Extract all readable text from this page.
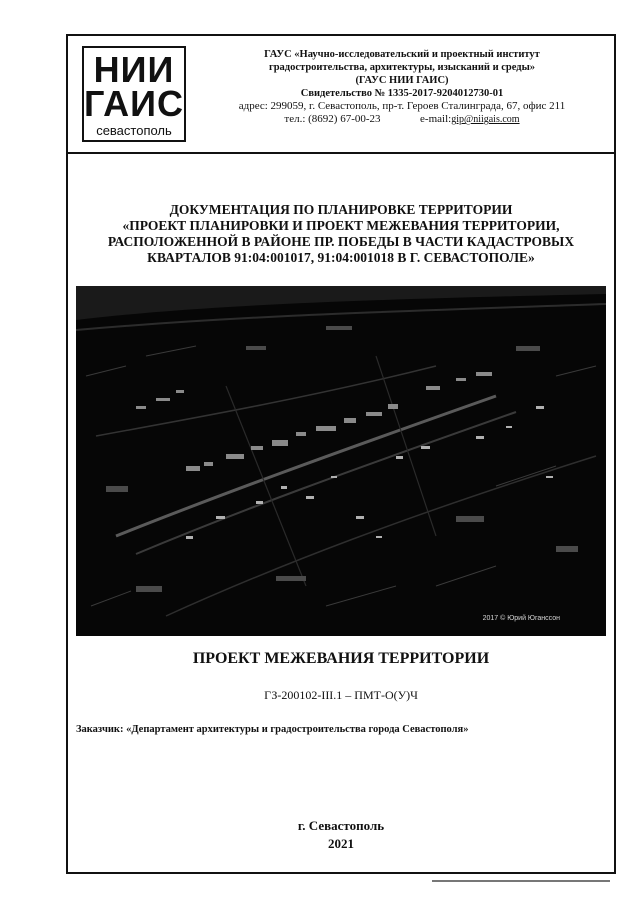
НИИ
ГАИС
севастополь
ГАУС «Научно-исследовательский и проектный институт
градостроительства, архитектуры, изысканий и среды»
(ГАУС НИИ ГАИС)
Свидетельство № 1335-2017-9204012730-01
адрес: 299059, г. Севастополь, пр-т. Героев Сталинграда, 67, офис 211
тел.: (8692) 67-00-23	e-mail:gip@niigais.com
ДОКУМЕНТАЦИЯ ПО ПЛАНИРОВКЕ ТЕРРИТОРИИ
«ПРОЕКТ ПЛАНИРОВКИ И ПРОЕКТ МЕЖЕВАНИЯ ТЕРРИТОРИИ,
РАСПОЛОЖЕННОЙ В РАЙОНЕ ПР. ПОБЕДЫ В ЧАСТИ КАДАСТРОВЫХ
КВАРТАЛОВ 91:04:001017, 91:04:001018 В Г. СЕВАСТОПОЛЕ»
2017 © Юрий Юганссон
ПРОЕКТ МЕЖЕВАНИЯ ТЕРРИТОРИИ
ГЗ-200102-III.1 – ПМТ-О(У)Ч
Заказчик: «Департамент архитектуры и градостроительства города Севастополя»
г. Севастополь
2021
